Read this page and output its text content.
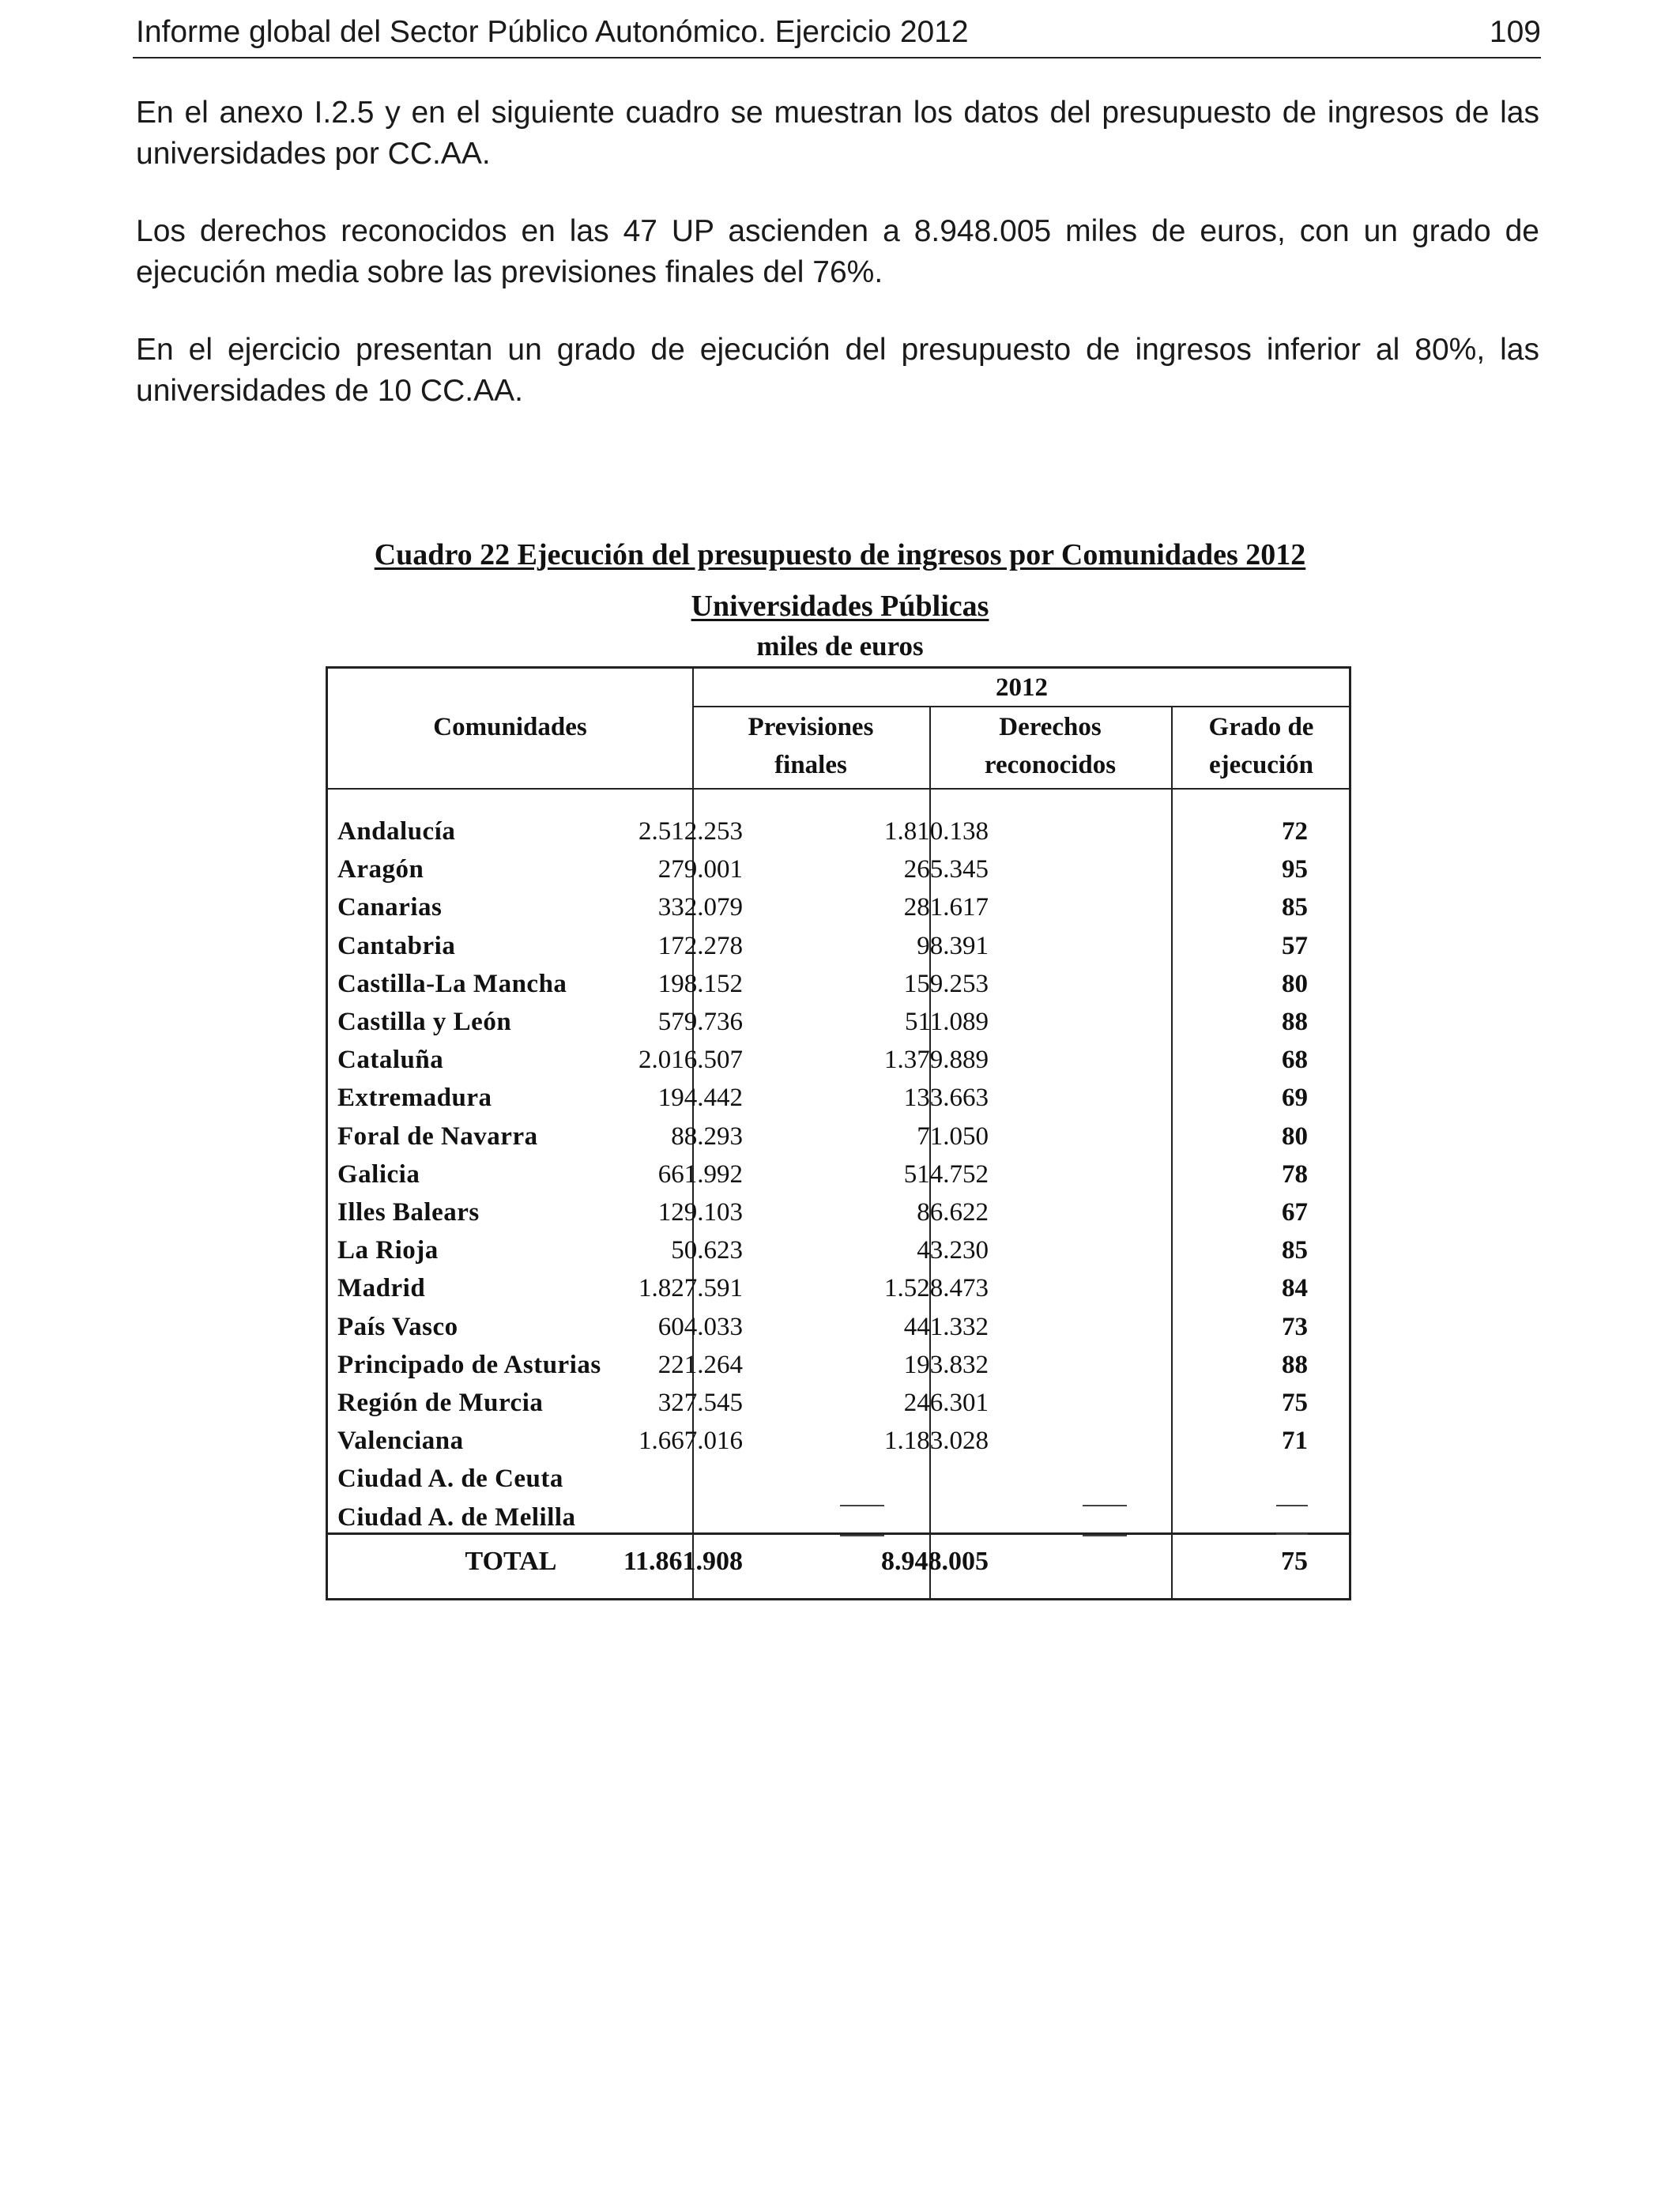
Informe global del Sector Público Autonómico. Ejercicio 2012	109

En el anexo I.2.5 y en el siguiente cuadro se muestran los datos del presupuesto de ingresos de las universidades por CC.AA.

Los derechos reconocidos en las 47 UP ascienden a 8.948.005 miles de euros, con un grado de ejecución media sobre las previsiones finales del 76%.

En el ejercicio presentan un grado de ejecución del presupuesto de ingresos inferior al 80%, las universidades de 10 CC.AA.

Cuadro 22 Ejecución del presupuesto de ingresos por Comunidades 2012
Universidades Públicas
miles de euros
Comunidades
2012
Previsiones
finales
Derechos
reconocidos
Grado de
ejecución
Andalucía	2.512.253	1.810.138	72
Aragón	279.001	265.345	95
Canarias	332.079	281.617	85
Cantabria	172.278	98.391	57
Castilla-La Mancha	198.152	159.253	80
Castilla y León	579.736	511.089	88
Cataluña	2.016.507	1.379.889	68
Extremadura	194.442	133.663	69
Foral de Navarra	88.293	71.050	80
Galicia	661.992	514.752	78
Illes Balears	129.103	86.622	67
La Rioja	50.623	43.230	85
Madrid	1.827.591	1.528.473	84
País Vasco	604.033	441.332	73
Principado de Asturias 221.264	193.832	88
Región de Murcia	327.545	246.301	75
Valenciana	1.667.016	1.183.028	71
Ciudad A. de Ceuta
Ciudad A. de Melilla
TOTAL	11.861.908	8.948.005	75
